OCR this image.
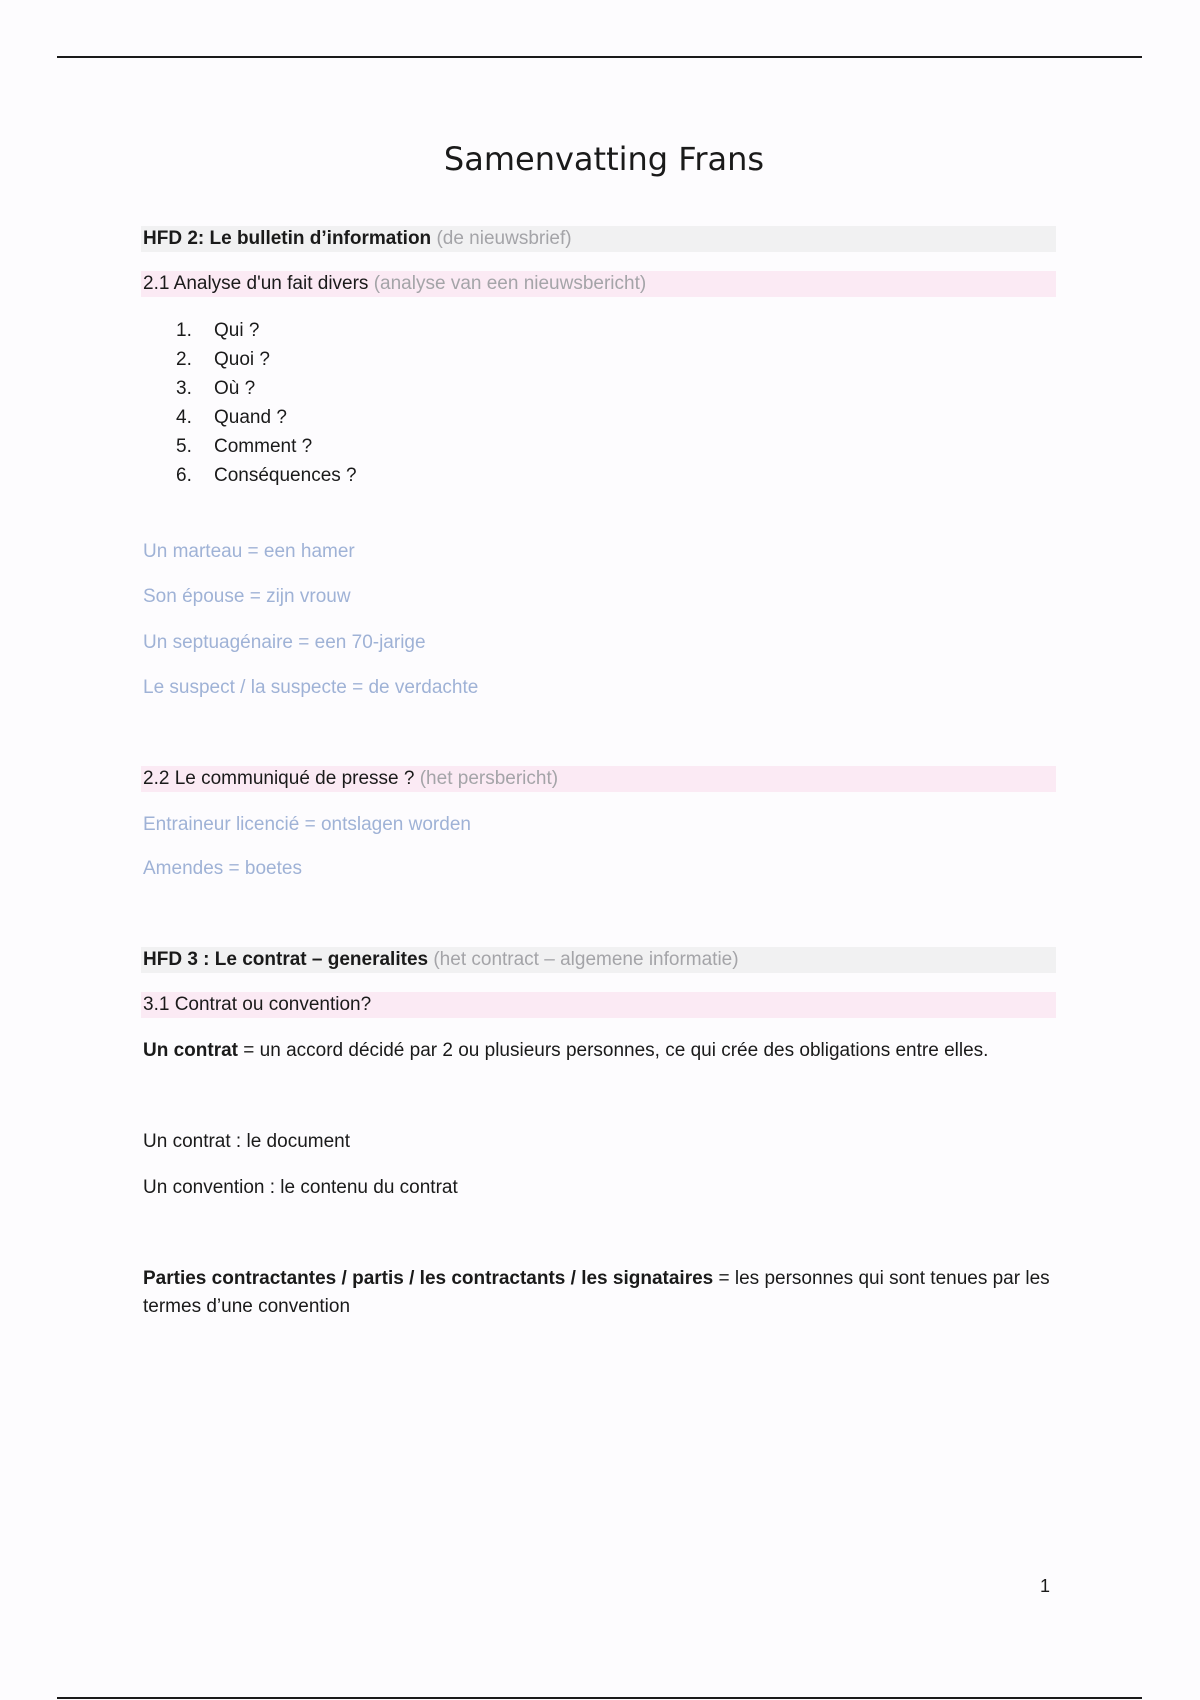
Samenvatting Frans
HFD 2: Le bulletin d’information (de nieuwsbrief)
2.1 Analyse d'un fait divers (analyse van een nieuwsbericht)
1. Qui ?
2. Quoi ?
3. Où ?
4. Quand ?
5. Comment ?
6. Conséquences ?
Un marteau = een hamer
Son épouse = zijn vrouw
Un septuagénaire = een 70-jarige
Le suspect / la suspecte = de verdachte
2.2 Le communiqué de presse ? (het persbericht)
Entraineur licencié = ontslagen worden
Amendes = boetes
HFD 3 : Le contrat – generalites (het contract – algemene informatie)
3.1 Contrat ou convention?
Un contrat = un accord décidé par 2 ou plusieurs personnes, ce qui crée des obligations entre elles.
Un contrat : le document
Un convention : le contenu du contrat
Parties contractantes / partis / les contractants / les signataires = les personnes qui sont tenues par les termes d’une convention
1
